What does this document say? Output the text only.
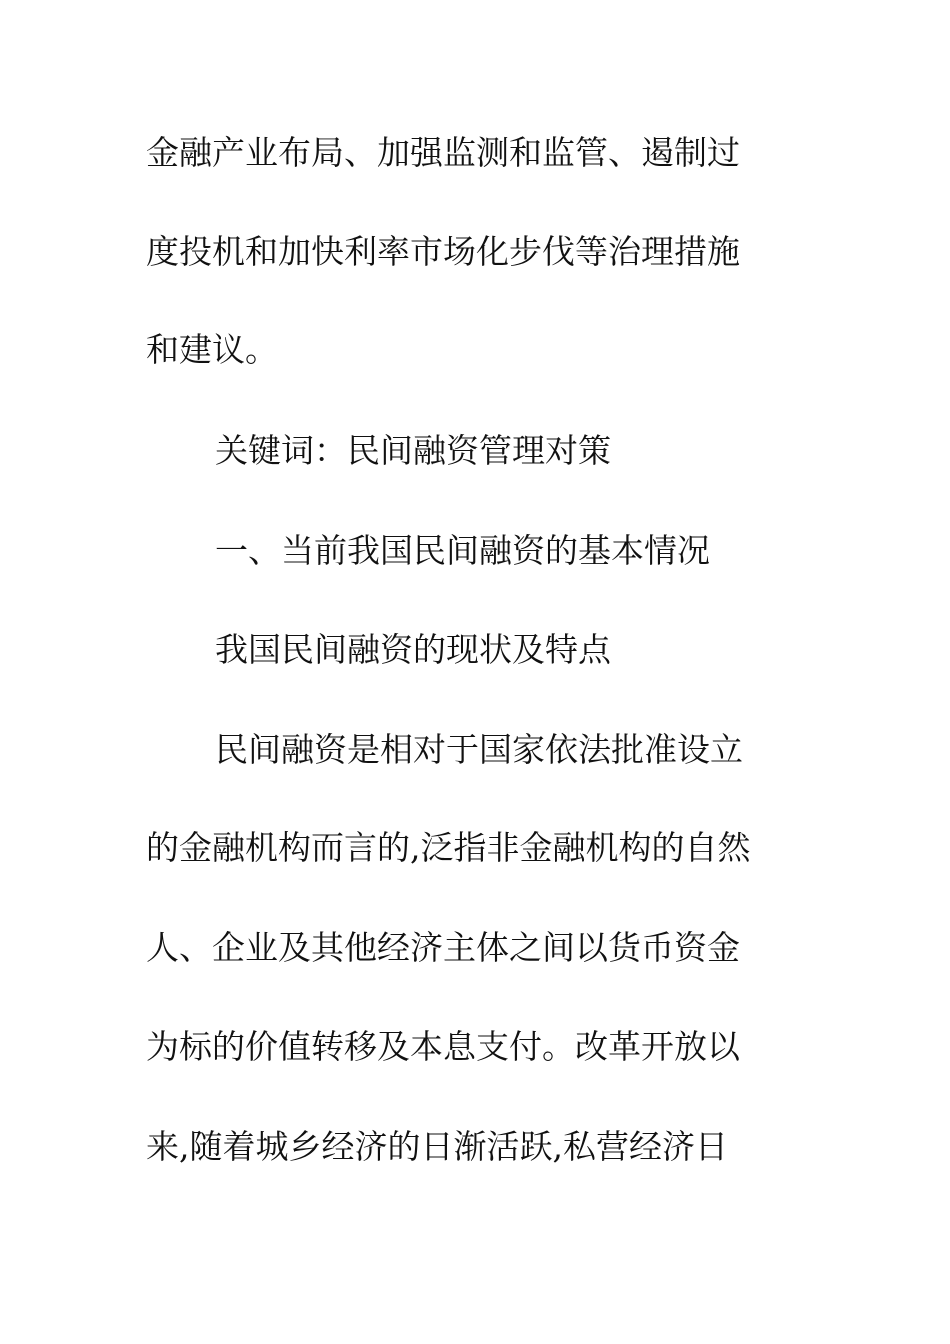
金融产业布局、加强监测和监管、遏制过
度投机和加快利率市场化步伐等治理措施
和建议。
关键词：民间融资管理对策
一、当前我国民间融资的基本情况
我国民间融资的现状及特点
民间融资是相对于国家依法批准设立
的金融机构而言的,泛指非金融机构的自然
人、企业及其他经济主体之间以货币资金
为标的价值转移及本息支付。改革开放以
来,随着城乡经济的日渐活跃,私营经济日
